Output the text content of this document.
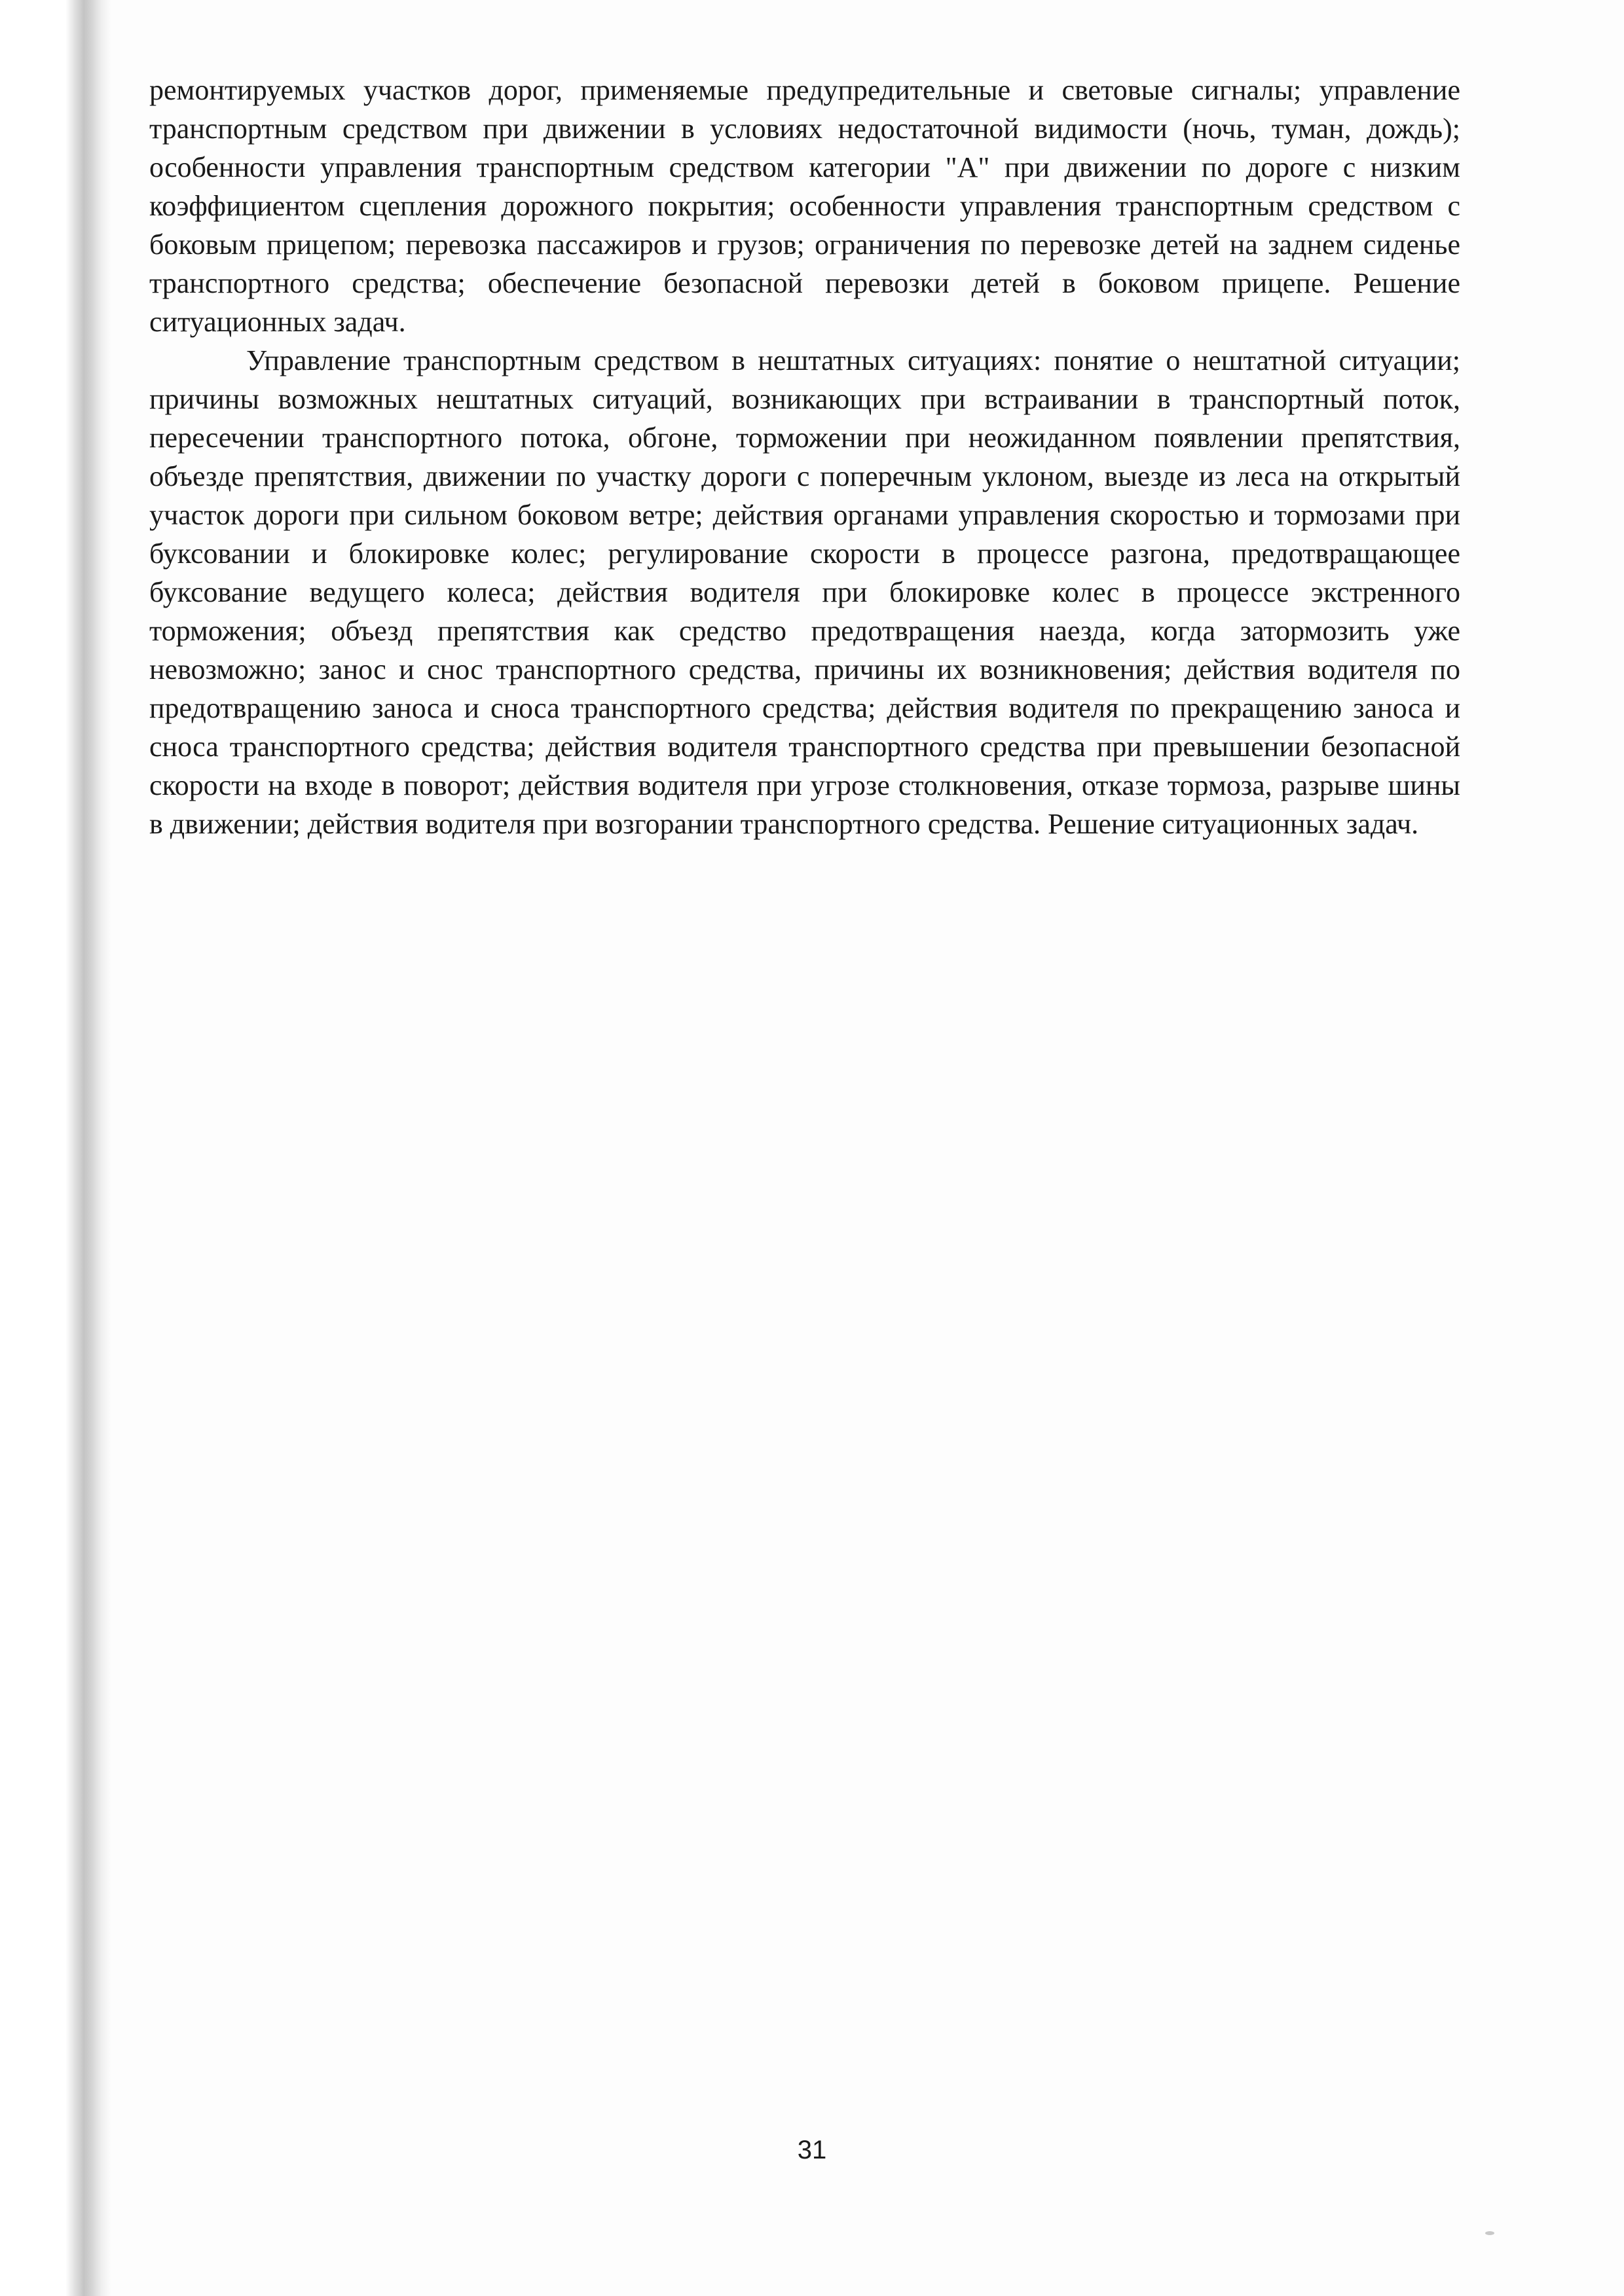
ремонтируемых участков дорог, применяемые предупредительные и световые сигналы; управление транспортным средством при движении в условиях недостаточной видимости (ночь, туман, дождь); особенности управления транспортным средством категории "А" при движении по дороге с низким коэффициентом сцепления дорожного покрытия; особенности управления транспортным средством с боковым прицепом; перевозка пассажиров и грузов; ограничения по перевозке детей на заднем сиденье транспортного средства; обеспечение безопасной перевозки детей в боковом прицепе. Решение ситуационных задач.

Управление транспортным средством в нештатных ситуациях: понятие о нештатной ситуации; причины возможных нештатных ситуаций, возникающих при встраивании в транспортный поток, пересечении транспортного потока, обгоне, торможении при неожиданном появлении препятствия, объезде препятствия, движении по участку дороги с поперечным уклоном, выезде из леса на открытый участок дороги при сильном боковом ветре; действия органами управления скоростью и тормозами при буксовании и блокировке колес; регулирование скорости в процессе разгона, предотвращающее буксование ведущего колеса; действия водителя при блокировке колес в процессе экстренного торможения; объезд препятствия как средство предотвращения наезда, когда затормозить уже невозможно; занос и снос транспортного средства, причины их возникновения; действия водителя по предотвращению заноса и сноса транспортного средства; действия водителя по прекращению заноса и сноса транспортного средства; действия водителя транспортного средства при превышении безопасной скорости на входе в поворот; действия водителя при угрозе столкновения, отказе тормоза, разрыве шины в движении; действия водителя при возгорании транспортного средства. Решение ситуационных задач.

31
